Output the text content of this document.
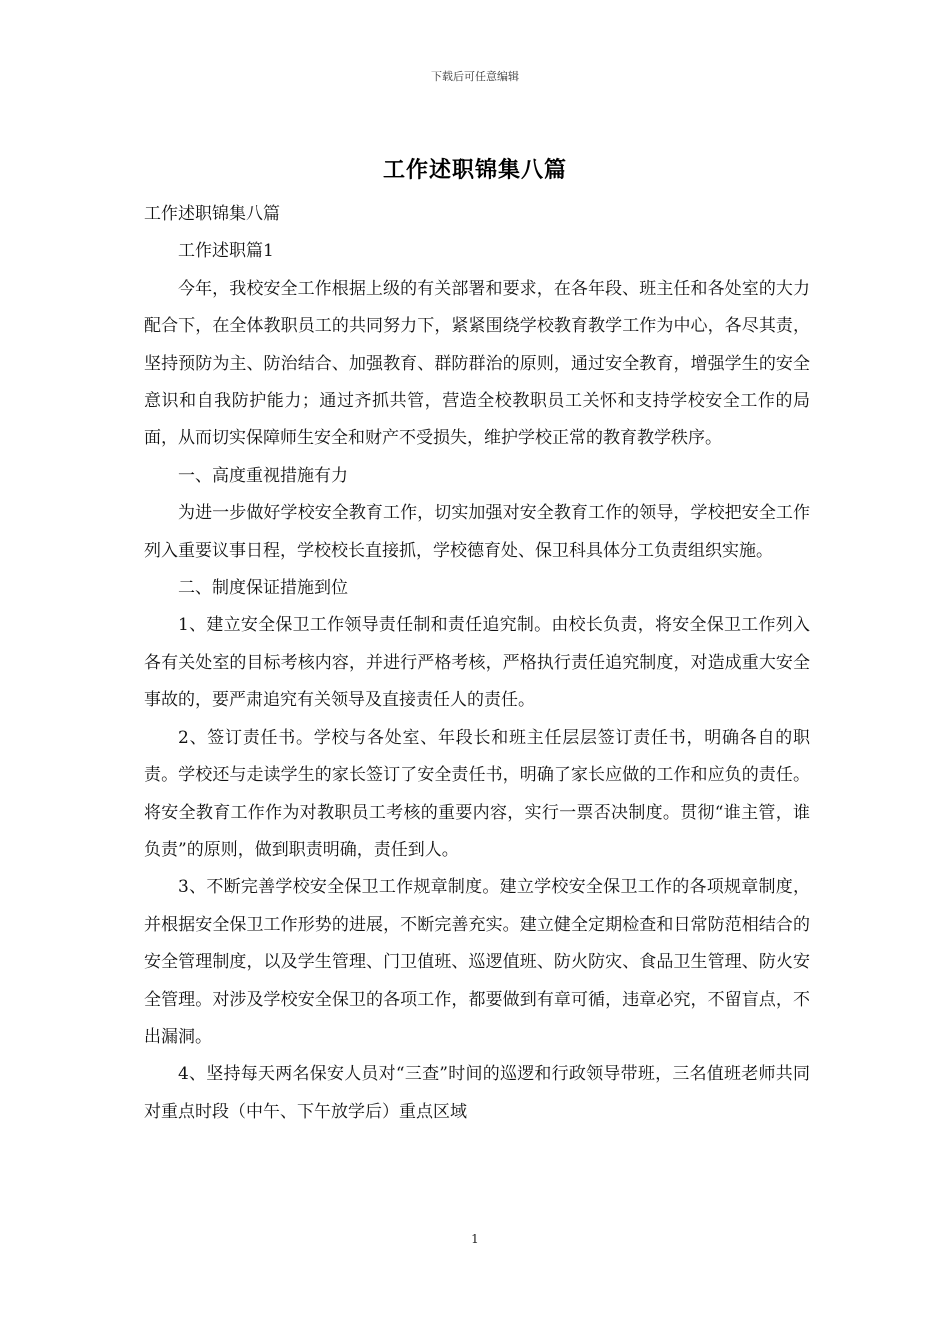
下载后可任意编辑
工作述职锦集八篇

工作述职锦集八篇

工作述职篇1

今年，我校安全工作根据上级的有关部署和要求，在各年段、班主任和各处室的大力配合下，在全体教职员工的共同努力下，紧紧围绕学校教育教学工作为中心，各尽其责，坚持预防为主、防治结合、加强教育、群防群治的原则，通过安全教育，增强学生的安全意识和自我防护能力；通过齐抓共管，营造全校教职员工关怀和支持学校安全工作的局面，从而切实保障师生安全和财产不受损失，维护学校正常的教育教学秩序。

一、高度重视措施有力

为进一步做好学校安全教育工作，切实加强对安全教育工作的领导，学校把安全工作列入重要议事日程，学校校长直接抓，学校德育处、保卫科具体分工负责组织实施。

二、制度保证措施到位

1、建立安全保卫工作领导责任制和责任追究制。由校长负责，将安全保卫工作列入各有关处室的目标考核内容，并进行严格考核，严格执行责任追究制度，对造成重大安全事故的，要严肃追究有关领导及直接责任人的责任。

2、签订责任书。学校与各处室、年段长和班主任层层签订责任书，明确各自的职责。学校还与走读学生的家长签订了安全责任书，明确了家长应做的工作和应负的责任。将安全教育工作作为对教职员工考核的重要内容，实行一票否决制度。贯彻“谁主管，谁负责”的原则，做到职责明确，责任到人。

3、不断完善学校安全保卫工作规章制度。建立学校安全保卫工作的各项规章制度，并根据安全保卫工作形势的进展，不断完善充实。建立健全定期检查和日常防范相结合的安全管理制度，以及学生管理、门卫值班、巡逻值班、防火防灾、食品卫生管理、防火安全管理。对涉及学校安全保卫的各项工作，都要做到有章可循，违章必究，不留盲点，不出漏洞。

4、坚持每天两名保安人员对“三查”时间的巡逻和行政领导带班，三名值班老师共同对重点时段（中午、下午放学后）重点区域

1
